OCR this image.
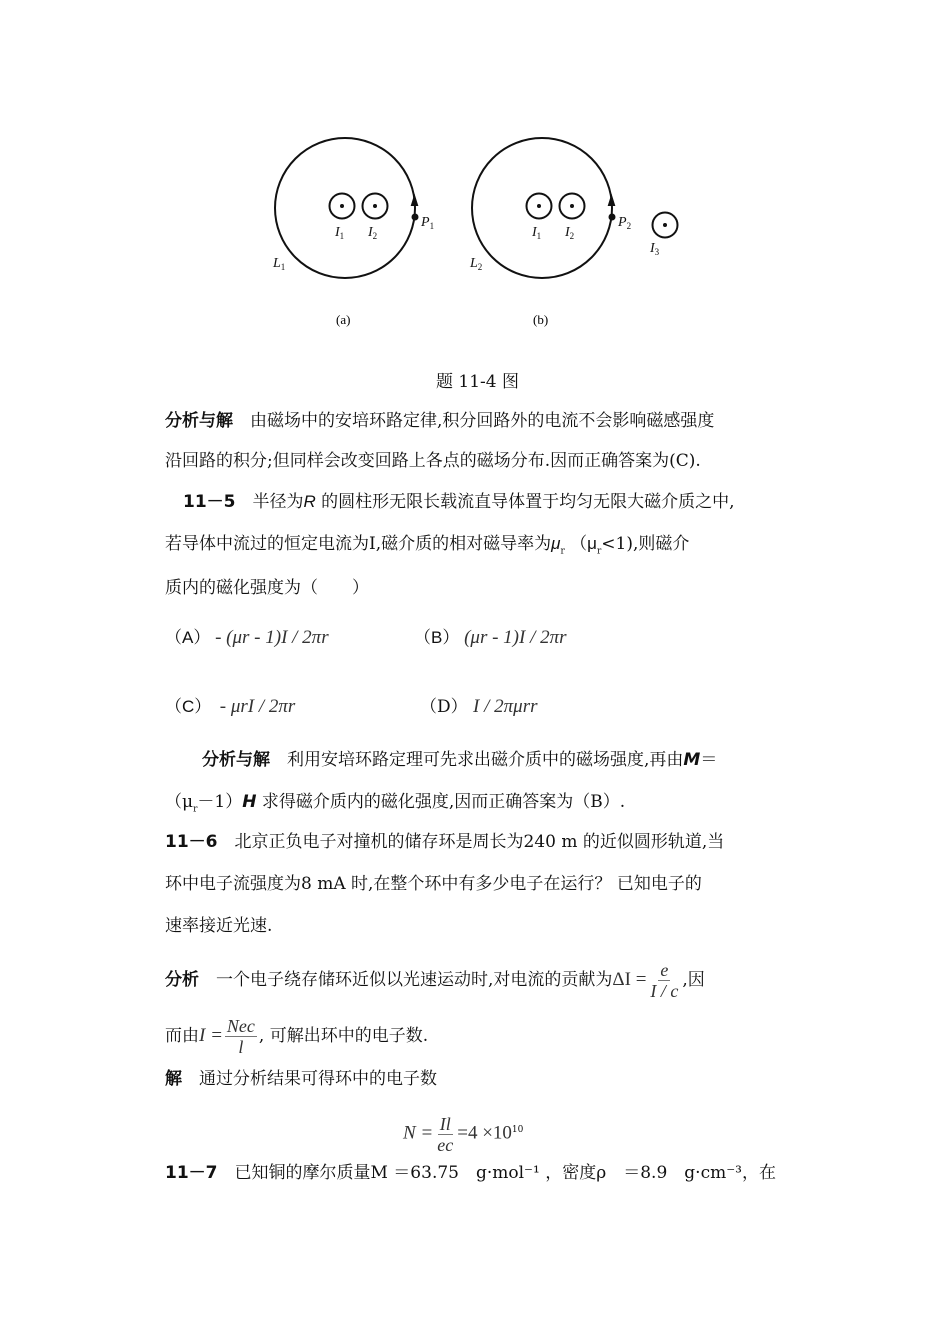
$I_1$ $I_2$
$P_1$
$L_1$
$I_1$ $I_2$
$I_3$
$P_2$
$L_2$
(a)	(b)
题 11-4 图
分析与解　 由磁场中的安培环路定律,积分回路外的电流不会影响磁感强度
沿回路的积分;但同样会改变回路上各点的磁场分布.因而正确答案为(C).
11－5　 半径为R 的圆柱形无限长载流直导体置于均匀无限大磁介质之中,
若导体中流过的恒定电流为I,磁介质的相对磁导率为$\mu_r$ $(\mu_r<1)$,则磁介
质内的磁化强度为（　　）
（A） - (μr - 1)I / 2πr	（B） (μr - 1)I / 2πr
（C）　 - μrI / 2πr	（D） I / 2πμrr
分析与解　 利用安培环路定理可先求出磁介质中的磁场强度,再由M＝
$(\mu_r-1)H$ 求得磁介质内的磁化强度,因而正确答案为（B）.
11－6　 北京正负电子对撞机的储存环是周长为240 m 的近似圆形轨道,当
环中电子流强度为8 mA 时,在整个环中有多少电子在运行？ 已知电子的
速率接近光速.
分析　 一个电子绕存储环近似以光速运动时,对电流的贡献为$\Delta I = \frac{e}{I / c}$ ,因
而由$I = \frac{\text{Nec}}{l}$ , 可解出环中的电子数.
解　 通过分析结果可得环中的电子数
$N = \frac{Il}{ec} =4 \times 10^{10}$
11－7　 已知铜的摩尔质量M ＝63.75　g·mol⁻¹ ，密度ρ　＝8.9　g·cm⁻³，在
